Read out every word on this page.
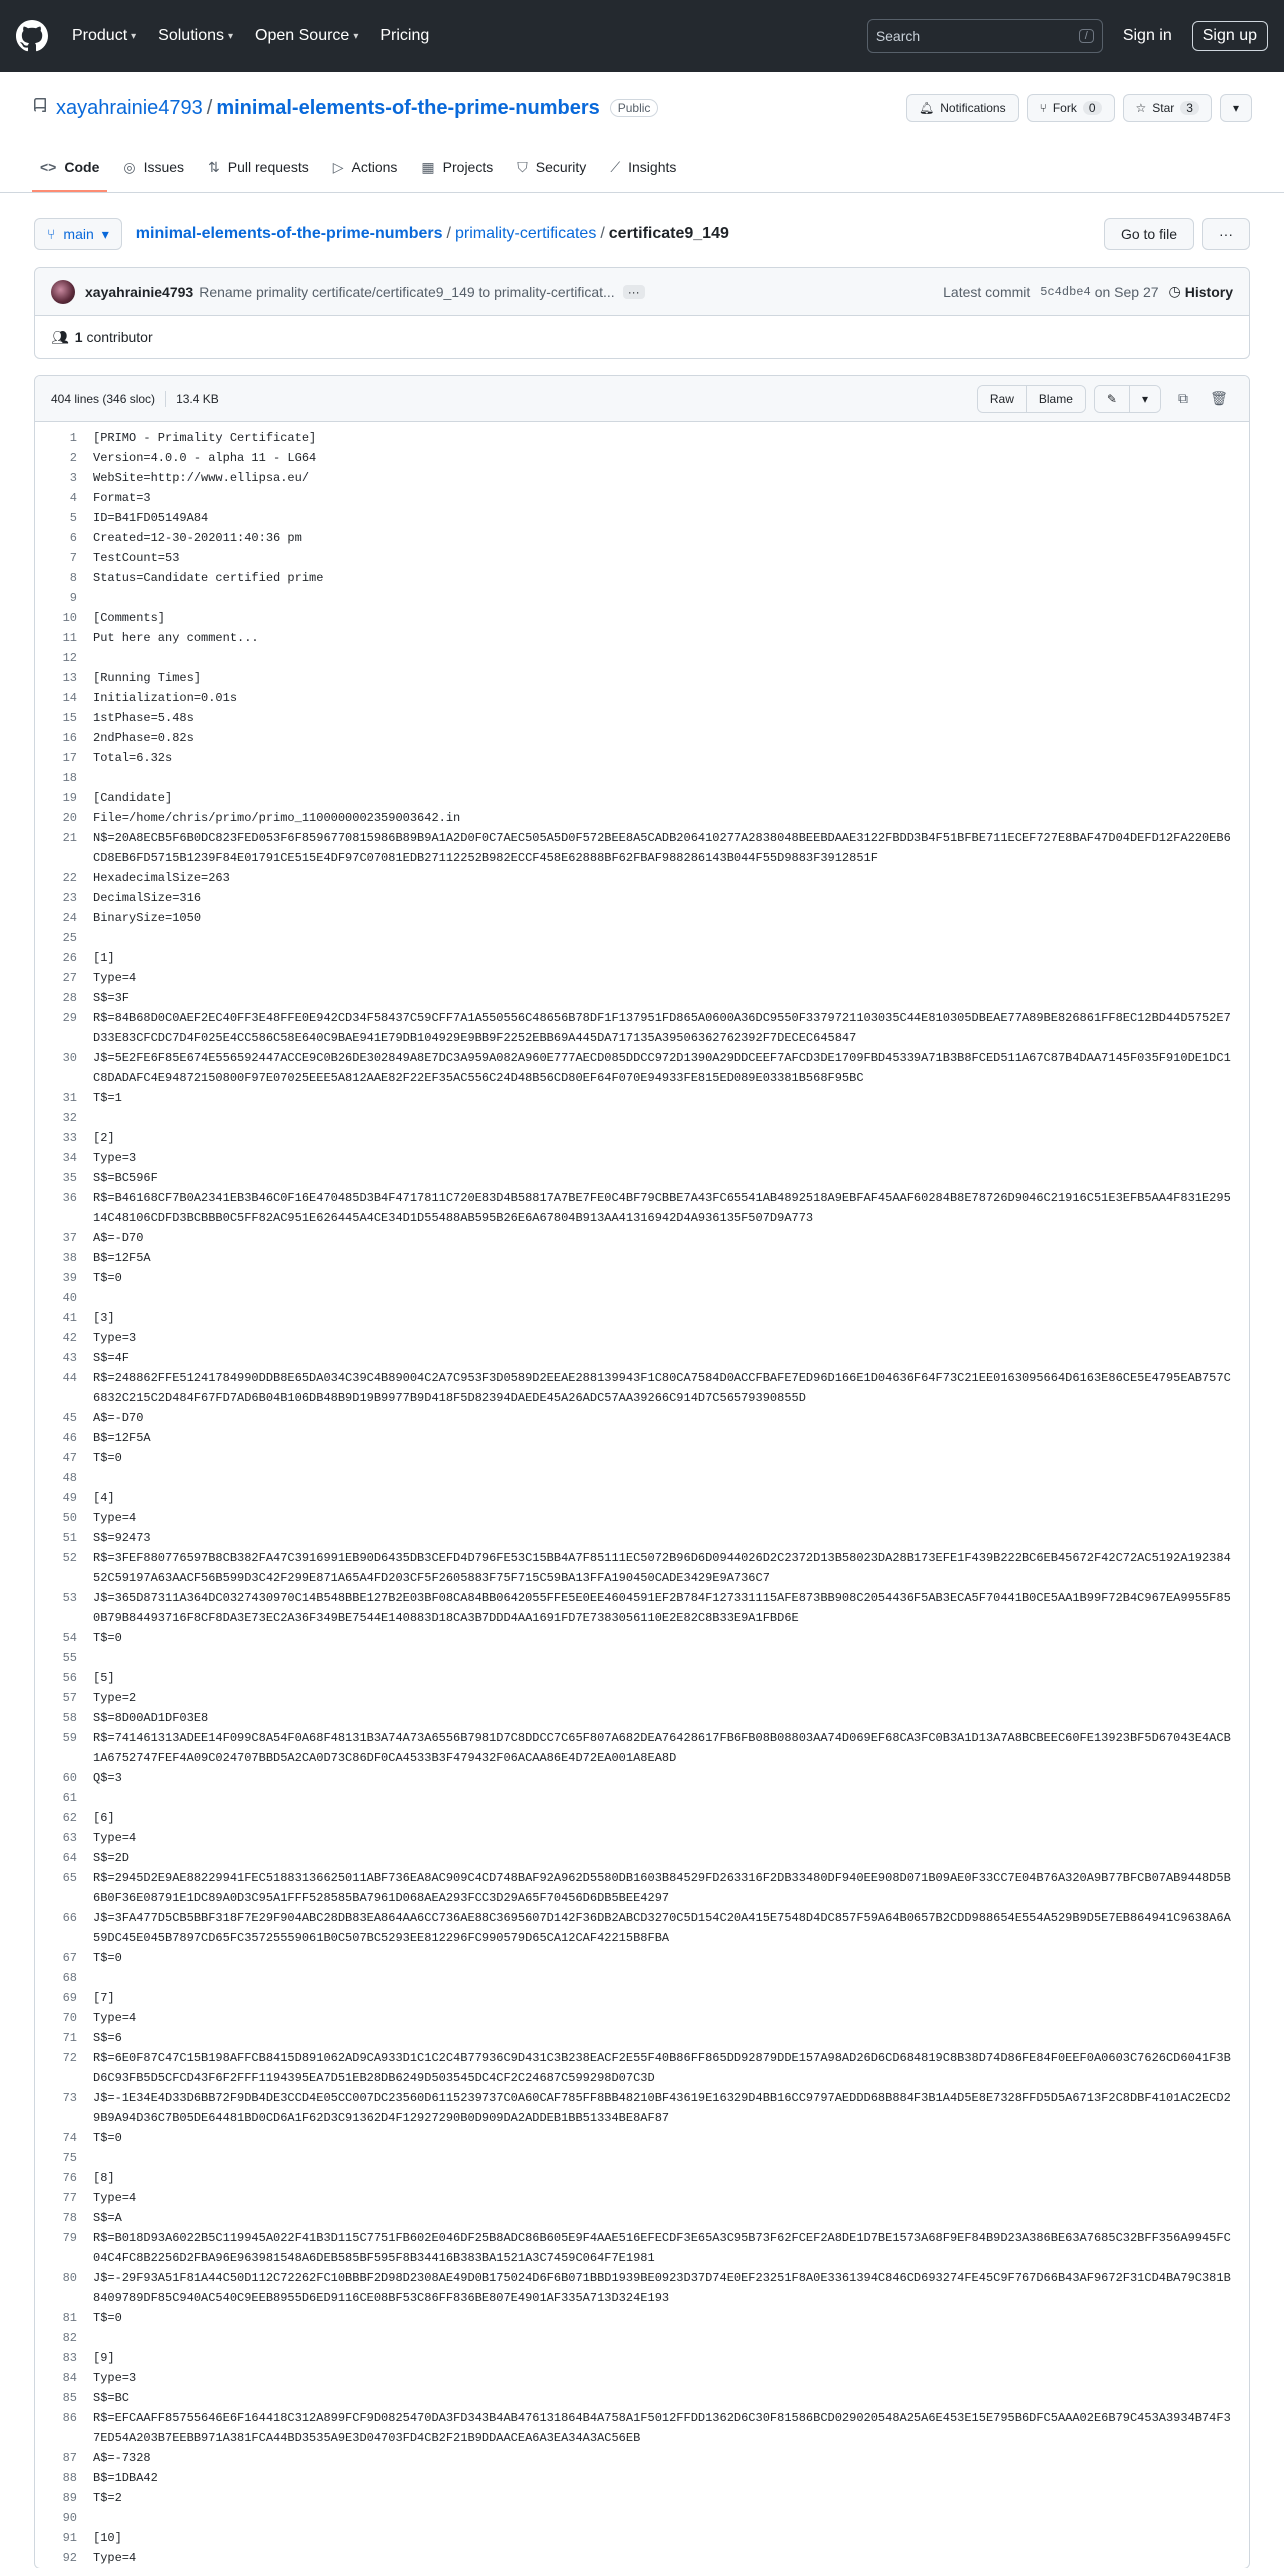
Product ▾ Solutions ▾ Open Source ▾ Pricing	Search	/	Sign in	Sign up
xayahrainie4793 / minimal-elements-of-the-prime-numbers	Public	🔔︎ Notifications	⑂ Fork	0	☆ Star	3	▾
<> Code ◎ Issues ⇅ Pull requests ▷ Actions ▦ Projects ⛉ Security ⟋ Insights
⑂ main ▾ minimal-elements-of-the-prime-numbers / primality-certificates / certificate9_149	Go to file	···
xayahrainie4793 Rename primality certificate/certificate9_149 to primality-certificat...	···	Latest commit 5c4dbe4 on Sep 27 ◷ History
👥︎ 1 contributor
404 lines (346 sloc) 13.4 KB	Raw	Blame	✎	▾	⧉	🗑︎
1	[PRIMO - Primality Certificate]
2	Version=4.0.0 - alpha 11 - LG64
3	WebSite=http://www.ellipsa.eu/
4	Format=3
5	ID=B41FD05149A84
6	Created=12-30-202011:40:36 pm
7	TestCount=53
8	Status=Candidate certified prime
9
10	[Comments]
11	Put here any comment...
12
13	[Running Times]
14	Initialization=0.01s
15	1stPhase=5.48s
16	2ndPhase=0.82s
17	Total=6.32s
18
19	[Candidate]
20	File=/home/chris/primo/primo_1100000002359003642.in
21	N$=20A8ECB5F6B0DC823FED053F6F8596770815986B89B9A1A2D0F0C7AEC505A5D0F572BEE8A5CADB206410277A2838048BEEBDAAE3122FBDD3B4F51BFBE711ECEF727E8BAF47D04DEFD12FA220EB6CD8EB6FD5715B1239F84E01791CE515E4DF97C07081EDB27112252B982ECCF458E62888BF62FBAF988286143B044F55D9883F3912851F
22	HexadecimalSize=263
23	DecimalSize=316
24	BinarySize=1050
25
26	[1]
27	Type=4
28	S$=3F
29	R$=84B68D0C0AEF2EC40FF3E48FFE0E942CD34F58437C59CFF7A1A550556C48656B78DF1F137951FD865A0600A36DC9550F3379721103035C44E810305DBEAE77A89BE826861FF8EC12BD44D5752E7D33E83CFCDC7D4F025E4CC586C58E640C9BAE941E79DB104929E9BB9F2252EBB69A445DA717135A39506362762392F7DECEC645847
30	J$=5E2FE6F85E674E556592447ACCE9C0B26DE302849A8E7DC3A959A082A960E777AECD085DDCC972D1390A29DDCEEF7AFCD3DE1709FBD45339A71B3B8FCED511A67C87B4DAA7145F035F910DE1DC1C8DADAFC4E94872150800F97E07025EEE5A812AAE82F22EF35AC556C24D48B56CD80EF64F070E94933FE815ED089E03381B568F95BC
31	T$=1
32
33	[2]
34	Type=3
35	S$=BC596F
36	R$=B46168CF7B0A2341EB3B46C0F16E470485D3B4F4717811C720E83D4B58817A7BE7FE0C4BF79CBBE7A43FC65541AB4892518A9EBFAF45AAF60284B8E78726D9046C21916C51E3EFB5AA4F831E29514C48106CDFD3BCBBB0C5FF82AC951E626445A4CE34D1D55488AB595B26E6A67804B913AA41316942D4A936135F507D9A773
37	A$=-D70
38	B$=12F5A
39	T$=0
40
41	[3]
42	Type=3
43	S$=4F
44	R$=248862FFE51241784990DDB8E65DA034C39C4B89004C2A7C953F3D0589D2EEAE288139943F1C80CA7584D0ACCFBAFE7ED96D166E1D04636F64F73C21EE0163095664D6163E86CE5E4795EAB757C6832C215C2D484F67FD7AD6B04B106DB48B9D19B9977B9D418F5D82394DAEDE45A26ADC57AA39266C914D7C56579390855D
45	A$=-D70
46	B$=12F5A
47	T$=0
48
49	[4]
50	Type=4
51	S$=92473
52	R$=3FEF880776597B8CB382FA47C3916991EB90D6435DB3CEFD4D796FE53C15BB4A7F85111EC5072B96D6D0944026D2C2372D13B58023DA28B173EFE1F439B222BC6EB45672F42C72AC5192A19238452C59197A63AACF56B599D3C42F299E871A65A4FD203CF5F2605883F75F715C59BA13FFA190450CADE3429E9A736C7
53	J$=365D87311A364DC0327430970C14B548BBE127B2E03BF08CA84BB0642055FFE5E0EE4604591EF2B784F127331115AFE873BB908C2054436F5AB3ECA5F70441B0CE5AA1B99F72B4C967EA9955F850B79B84493716F8CF8DA3E73EC2A36F349BE7544E140883D18CA3B7DDD4AA1691FD7E7383056110E2E82C8B33E9A1FBD6E
54	T$=0
55
56	[5]
57	Type=2
58	S$=8D00AD1DF03E8
59	R$=741461313ADEE14F099C8A54F0A68F48131B3A74A73A6556B7981D7C8DDCC7C65F807A682DEA76428617FB6FB08B08803AA74D069EF68CA3FC0B3A1D13A7A8BCBEEC60FE13923BF5D67043E4ACB1A6752747FEF4A09C024707BBD5A2CA0D73C86DF0CA4533B3F479432F06ACAA86E4D72EA001A8EA8D
60	Q$=3
61
62	[6]
63	Type=4
64	S$=2D
65	R$=2945D2E9AE88229941FEC51883136625011ABF736EA8AC909C4CD748BAF92A962D5580DB1603B84529FD263316F2DB33480DF940EE908D071B09AE0F33CC7E04B76A320A9B77BFCB07AB9448D5B6B0F36E08791E1DC89A0D3C95A1FFF528585BA7961D068AEA293FCC3D29A65F70456D6DB5BEE4297
66	J$=3FA477D5CB5BBF318F7E29F904ABC28DB83EA864AA6CC736AE88C3695607D142F36DB2ABCD3270C5D154C20A415E7548D4DC857F59A64B0657B2CDD988654E554A529B9D5E7EB864941C9638A6A59DC45E045B7897CD65FC35725559061B0C507BC5293EE812296FC990579D65CA12CAF42215B8FBA
67	T$=0
68
69	[7]
70	Type=4
71	S$=6
72	R$=6E0F87C47C15B198AFFCB8415D891062AD9CA933D1C1C2C4B77936C9D431C3B238EACF2E55F40B86FF865DD92879DDE157A98AD26D6CD684819C8B38D74D86FE84F0EEF0A0603C7626CD6041F3BD6C93FB5D5CFCD43F6F2FFF1194395EA7D51EB28DB6249D503545DC4CF2C24687C599298D07C3D
73	J$=-1E34E4D33D6BB72F9DB4DE3CCD4E05CC007DC23560D6115239737C0A60CAF785FF8BB48210BF43619E16329D4BB16CC9797AEDDD68B884F3B1A4D5E8E7328FFD5D5A6713F2C8DBF4101AC2ECD29B9A94D36C7B05DE64481BD0CD6A1F62D3C91362D4F12927290B0D909DA2ADDEB1BB51334BE8AF87
74	T$=0
75
76	[8]
77	Type=4
78	S$=A
79	R$=B018D93A6022B5C119945A022F41B3D115C7751FB602E046DF25B8ADC86B605E9F4AAE516EFECDF3E65A3C95B73F62FCEF2A8DE1D7BE1573A68F9EF84B9D23A386BE63A7685C32BFF356A9945FC04C4FC8B2256D2FBA96E963981548A6DEB585BF595F8B34416B383BA1521A3C7459C064F7E1981
80	J$=-29F93A51F81A44C50D112C72262FC10BBBF2D98D2308AE49D0B175024D6F6B071BBD1939BE0923D37D74E0EF23251F8A0E3361394C846CD693274FE45C9F767D66B43AF9672F31CD4BA79C381B8409789DF85C940AC540C9EEB8955D6ED9116CE08BF53C86FF836BE807E4901AF335A713D324E193
81	T$=0
82
83	[9]
84	Type=3
85	S$=BC
86	R$=EFCAAFF85755646E6F164418C312A899FCF9D0825470DA3FD343B4AB476131864B4A758A1F5012FFDD1362D6C30F81586BCD029020548A25A6E453E15E795B6DFC5AAA02E6B79C453A3934B74F37ED54A203B7EEBB971A381FCA44BD3535A9E3D04703FD4CB2F21B9DDAACEA6A3EA34A3AC56EB
87	A$=-7328
88	B$=1DBA42
89	T$=2
90
91	[10]
92	Type=4
